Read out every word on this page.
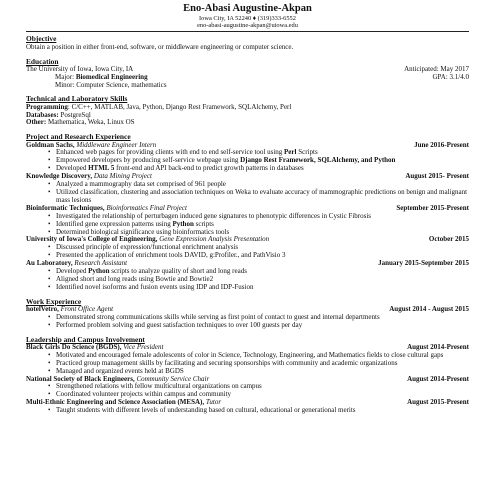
Eno-Abasi Augustine-Akpan
Iowa City, IA 52240 ♦ (319)333-6552
eno-abasi-augustine-akpan@uiowa.edu
Objective

Obtain a position in either front-end, software, or middleware engineering or computer science.

Education
The University of Iowa, Iowa City, IA	Anticipated: May 2017
Major: Biomedical Engineering	GPA: 3.1/4.0
Minor: Computer Science, mathematics
Technical and Laboratory Skills
Programming: C/C++, MATLAB, Java, Python, Django Rest Framework, SQLAlchemy, Perl
Databases: PostgreSql
Other: Mathematica, Weka, Linux OS
Project and Research Experience
Goldman Sachs, Middleware Engineer Intern	June 2016-Present
• Enhanced web pages for providing clients with end to end self-service tool using Perl Scripts
• Empowered developers by producing self-service webpage using Django Rest Framework, SQLAlchemy, and Python
• Developed HTML 5 front-end and API back-end to predict growth patterns in databases
Knowledge Discovery, Data Mining Project	August 2015- Present
• Analyzed a mammography data set comprised of 961 people
• Utilized classification, clustering and association techniques on Weka to evaluate accuracy of mammographic predictions on benign and malignant mass lesions
Bioinformatic Techniques, Bioinformatics Final Project	September 2015-Present
• Investigated the relationship of perturbagen induced gene signatures to phenotypic differences in Cystic Fibrosis
• Identified gene expression patterns using Python scripts
• Determined biological significance using bioinformatics tools
University of Iowa's College of Engineering, Gene Expression Analysis Presentation	October 2015
• Discussed principle of expression/functional enrichment analysis
• Presented the application of enrichment tools DAVID, g:Profiler., and PathVisio 3
Au Laboratory, Research Assistant	January 2015-September 2015
• Developed Python scripts to analyze quality of short and long reads
• Aligned short and long reads using Bowtie and Bowtie2
• Identified novel isoforms and fusion events using IDP and IDP-Fusion
Work Experience
hotelVetro, Front Office Agent	August 2014 - August 2015
• Demonstrated strong communications skills while serving as first point of contact to guest and internal departments
• Performed problem solving and guest satisfaction techniques to over 100 guests per day
Leadership and Campus Involvement
Black Girls Do Science (BGDS), Vice President	August 2014-Present
• Motivated and encouraged female adolescents of color in Science, Technology, Engineering, and Mathematics fields to close cultural gaps
• Practiced group management skills by facilitating and securing sponsorships with community and academic organizations
• Managed and organized events held at BGDS
National Society of Black Engineers, Community Service Chair	August 2014-Present
• Strengthened relations with fellow multicultural organizations on campus
• Coordinated volunteer projects within campus and community
Multi-Ethnic Engineering and Science Association (MESA), Tutor	August 2015-Present
• Taught students with different levels of understanding based on cultural, educational or generational merits
